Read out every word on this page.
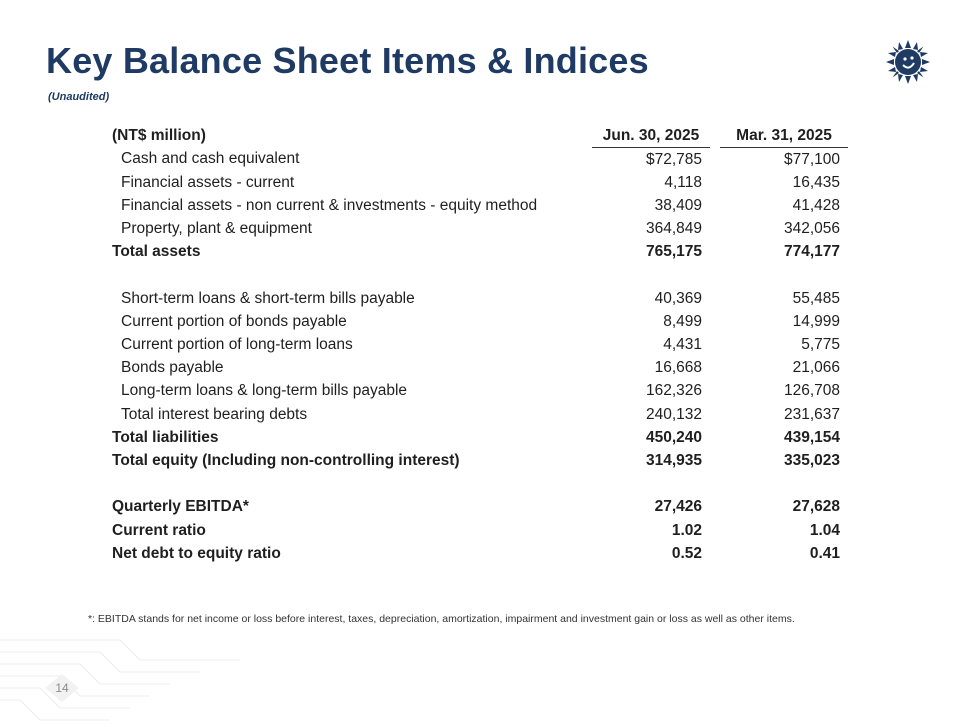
Key Balance Sheet Items & Indices
(Unaudited)
(NT$ million)	Jun. 30, 2025		Mar. 31, 2025
Cash and cash equivalent	$72,785		$77,100
Financial assets - current	4,118		16,435
Financial assets - non current & investments - equity method	38,409		41,428
Property, plant & equipment	364,849		342,056
Total assets	765,175		774,177

Short-term loans & short-term bills payable	40,369		55,485
Current portion of bonds payable	8,499		14,999
Current portion of long-term loans	4,431		5,775
Bonds payable	16,668		21,066
Long-term loans & long-term bills payable	162,326		126,708
Total interest bearing debts	240,132		231,637
Total liabilities	450,240		439,154
Total equity (Including non-controlling interest)	314,935		335,023

Quarterly EBITDA*	27,426		27,628
Current ratio	1.02		1.04
Net debt to equity ratio	0.52		0.41
*: EBITDA stands for net income or loss before interest, taxes, depreciation, amortization, impairment and investment gain or loss as well as other items.
14
